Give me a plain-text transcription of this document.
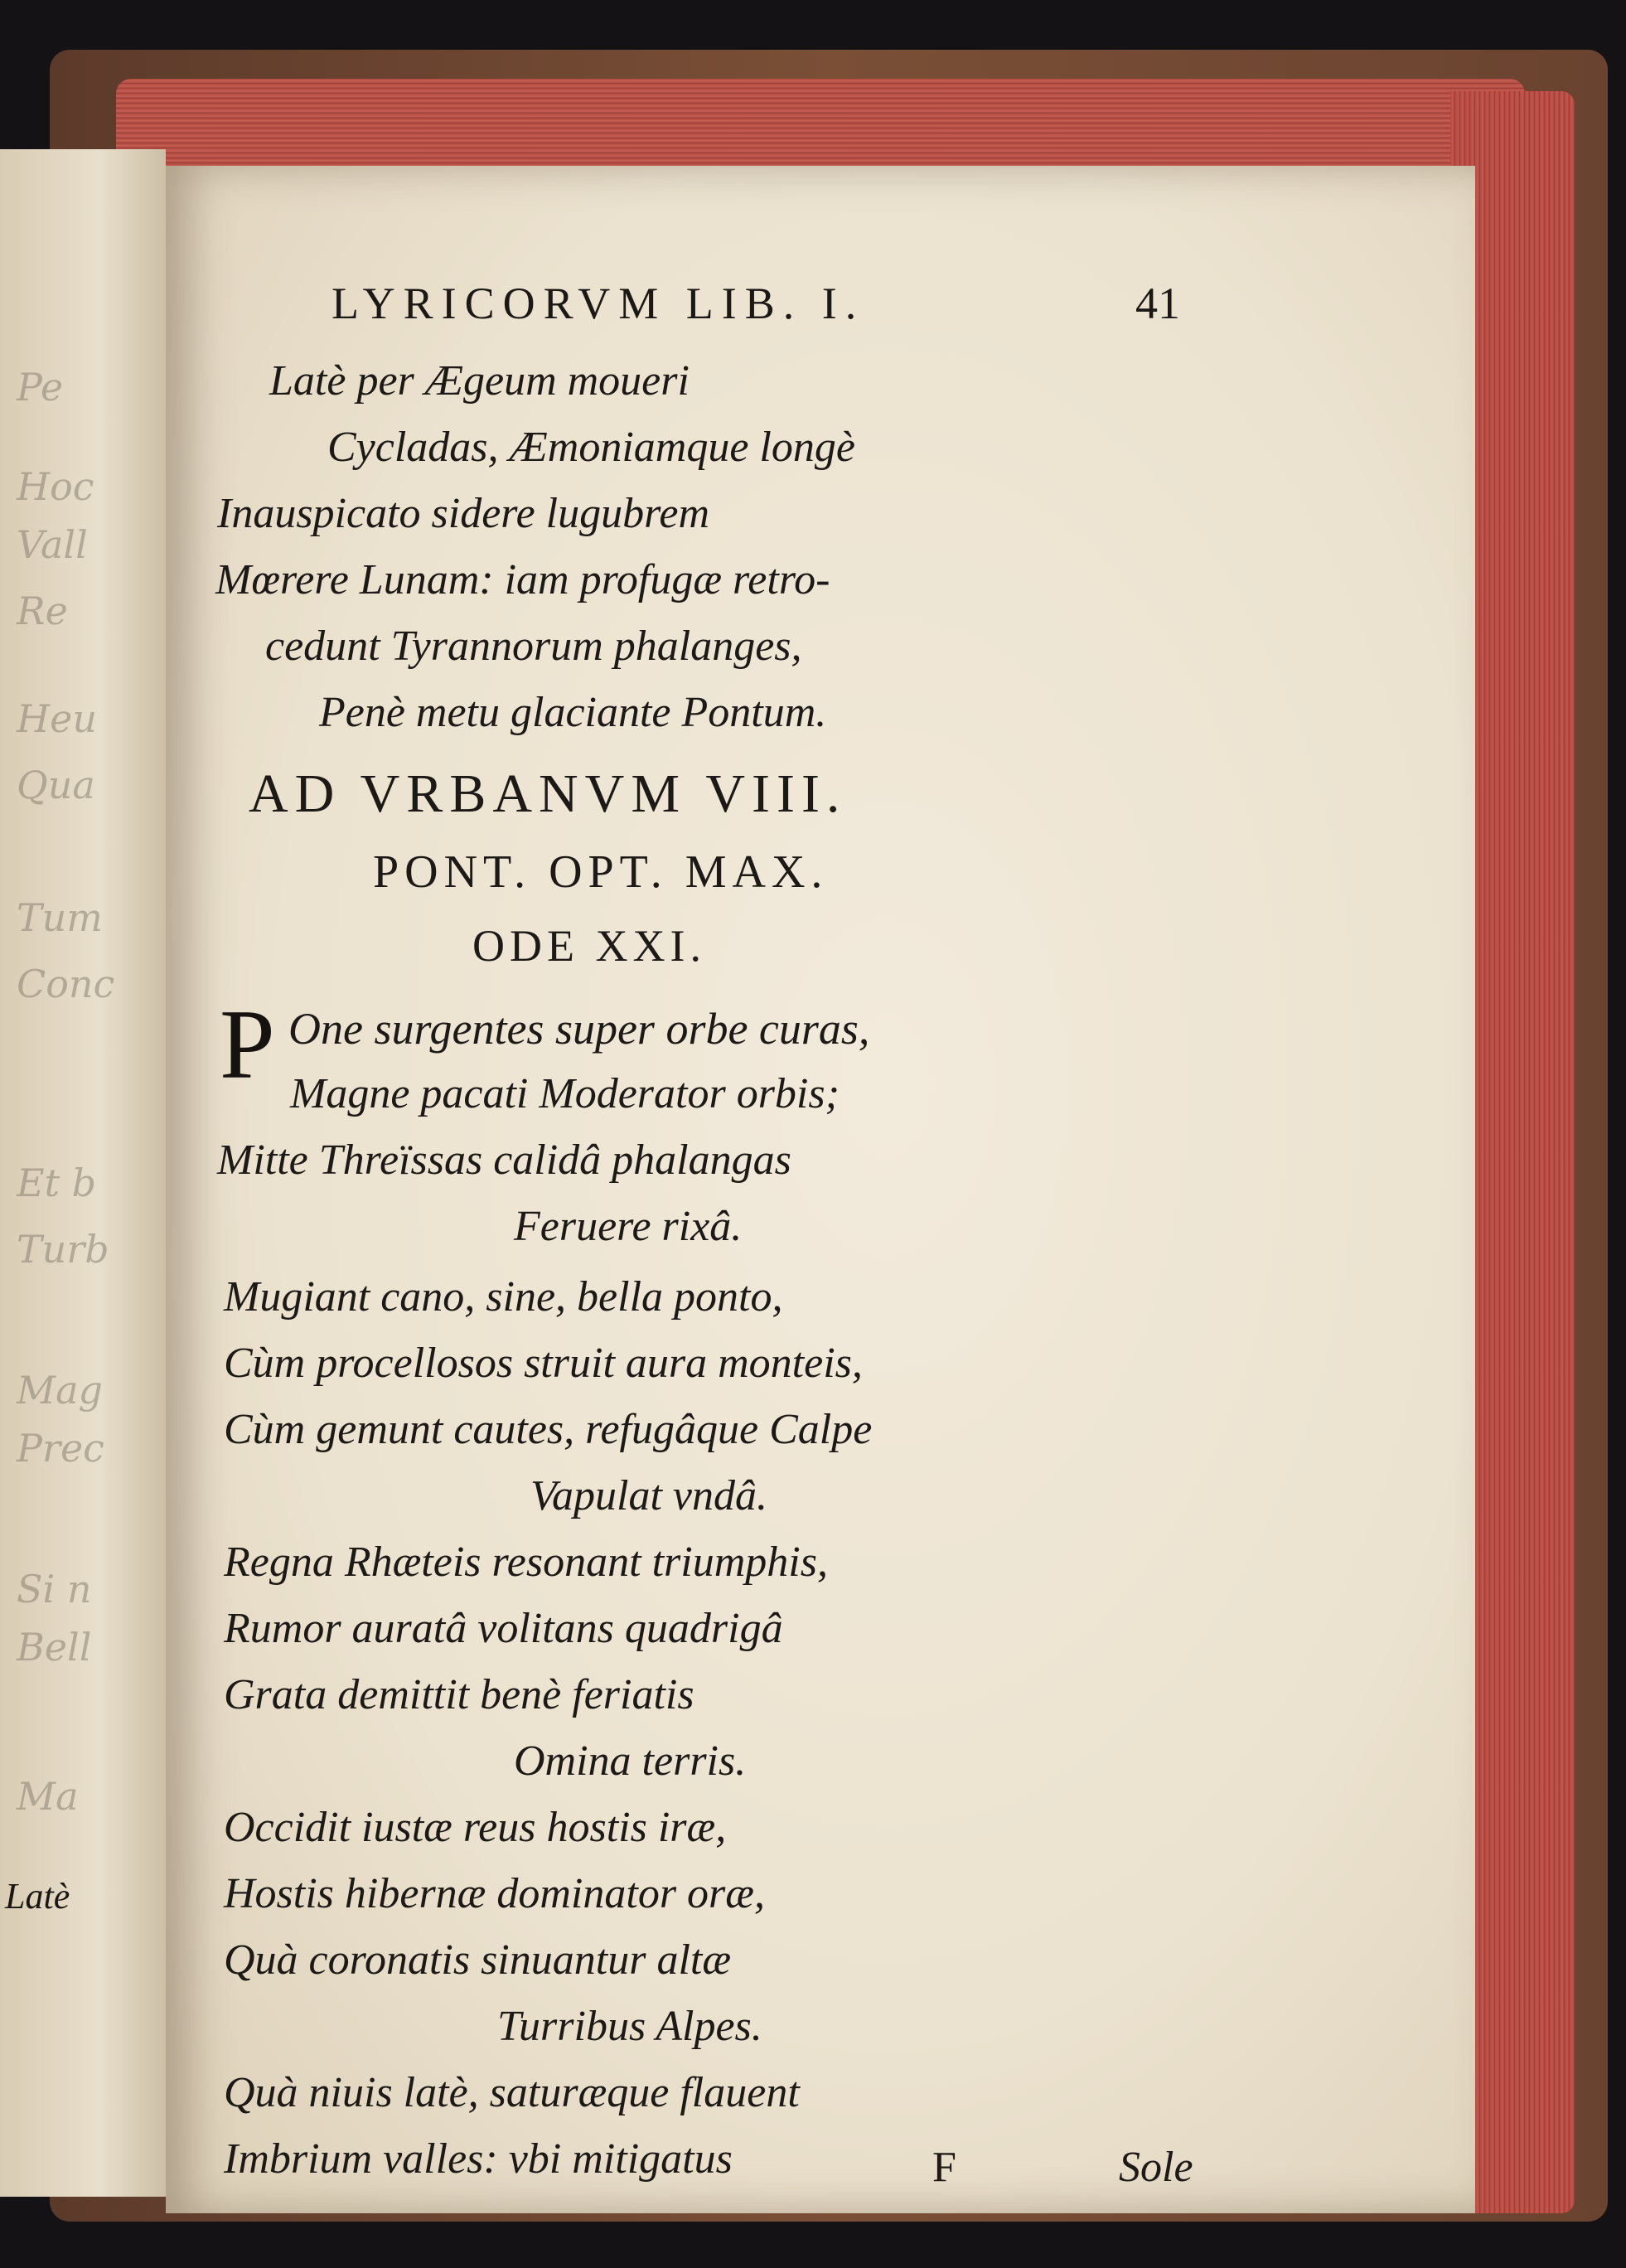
Pe
Hoc
Vall
Re
Heu
Qua
Tum
Conc
Et b
Turb
Mag
Prec
Si n
Bell
Ma
Latè
LYRICORVM LIB. I.	41
Latè per Ægeum moueri
Cycladas, Æmoniamque longè
Inauspicato sidere lugubrem
Mœrere Lunam: iam profugæ retro-
cedunt Tyrannorum phalanges,
Penè metu glaciante Pontum.
AD VRBANVM VIII.
PONT. OPT. MAX.
ODE XXI.
P One surgentes super orbe curas,
Magne pacati Moderator orbis;
Mitte Threïssas calidâ phalangas
Feruere rixâ.
Mugiant cano, sine, bella ponto,
Cùm procellosos struit aura monteis,
Cùm gemunt cautes, refugâque Calpe
Vapulat vndâ.
Regna Rhæteis resonant triumphis,
Rumor auratâ volitans quadrigâ
Grata demittit benè feriatis
Omina terris.
Occidit iustæ reus hostis iræ,
Hostis hibernæ dominator oræ,
Quà coronatis sinuantur altæ
Turribus Alpes.
Quà niuis latè, saturæque flauent
Imbrium valles: vbi mitigatus	F	Sole
